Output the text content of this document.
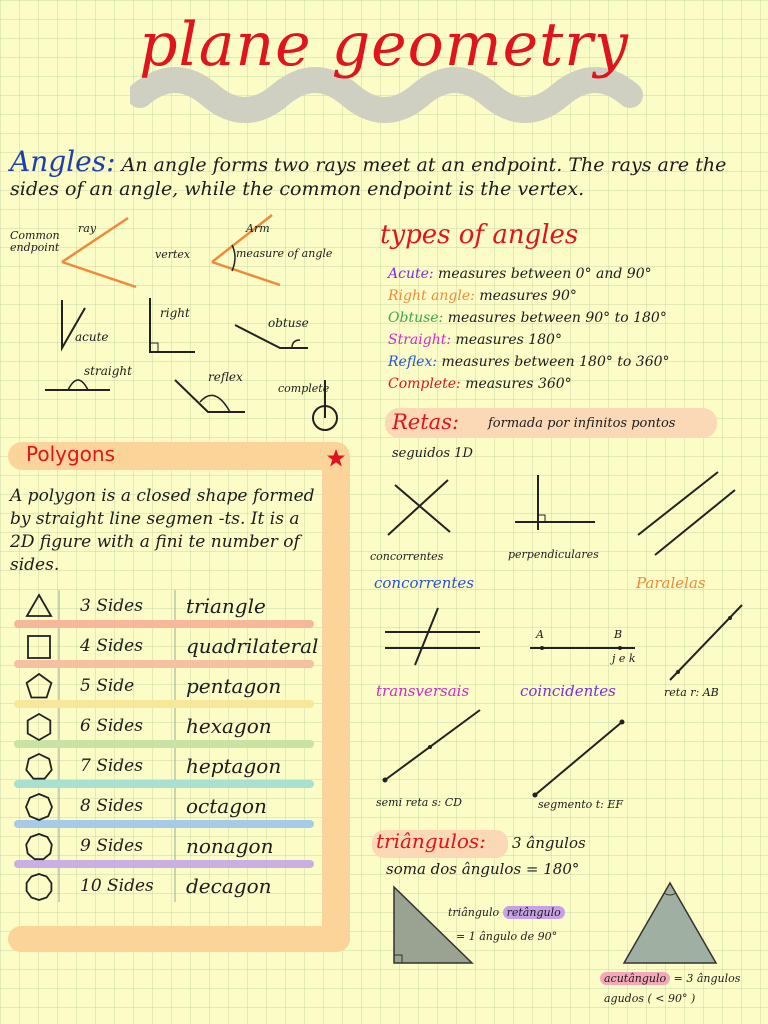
plane geometry
Angles: An angle forms two rays meet at an endpoint. The rays are the sides of an angle, while the common endpoint is the vertex.
Common endpoint
ray
vertex
Arm
measure of angle
acute
right
obtuse
straight	reflex
complete
types of angles
Acute: measures between 0° and 90°
Right angle: measures 90°
Obtuse: measures between 90° to 180°
Straight: measures 180°
Reflex: measures between 180° to 360°
Complete: measures 360°
Polygons
A polygon is a closed shape formed by straight line segmen -ts. It is a 2D figure with a fini te number of sides.
3 Sides triangle
4 Sides quadrilateral
5 Side	pentagon
6 Sides hexagon
7 Sides heptagon
8 Sides octagon
9 Sides nonagon
10 Sides decagon
Retas: formada por infinitos pontos
seguidos 1D
concorrentes	perpendiculares
concorrentes	Paralelas
transversais	coincidentes	reta r: AB
j e k
A	B
semi reta s: CD	segmento t: EF
triângulos: 3 ângulos
soma dos ângulos = 180°
triângulo retângulo
= 1 ângulo de 90°
acutângulo = 3 ângulos
agudos ( < 90° )
